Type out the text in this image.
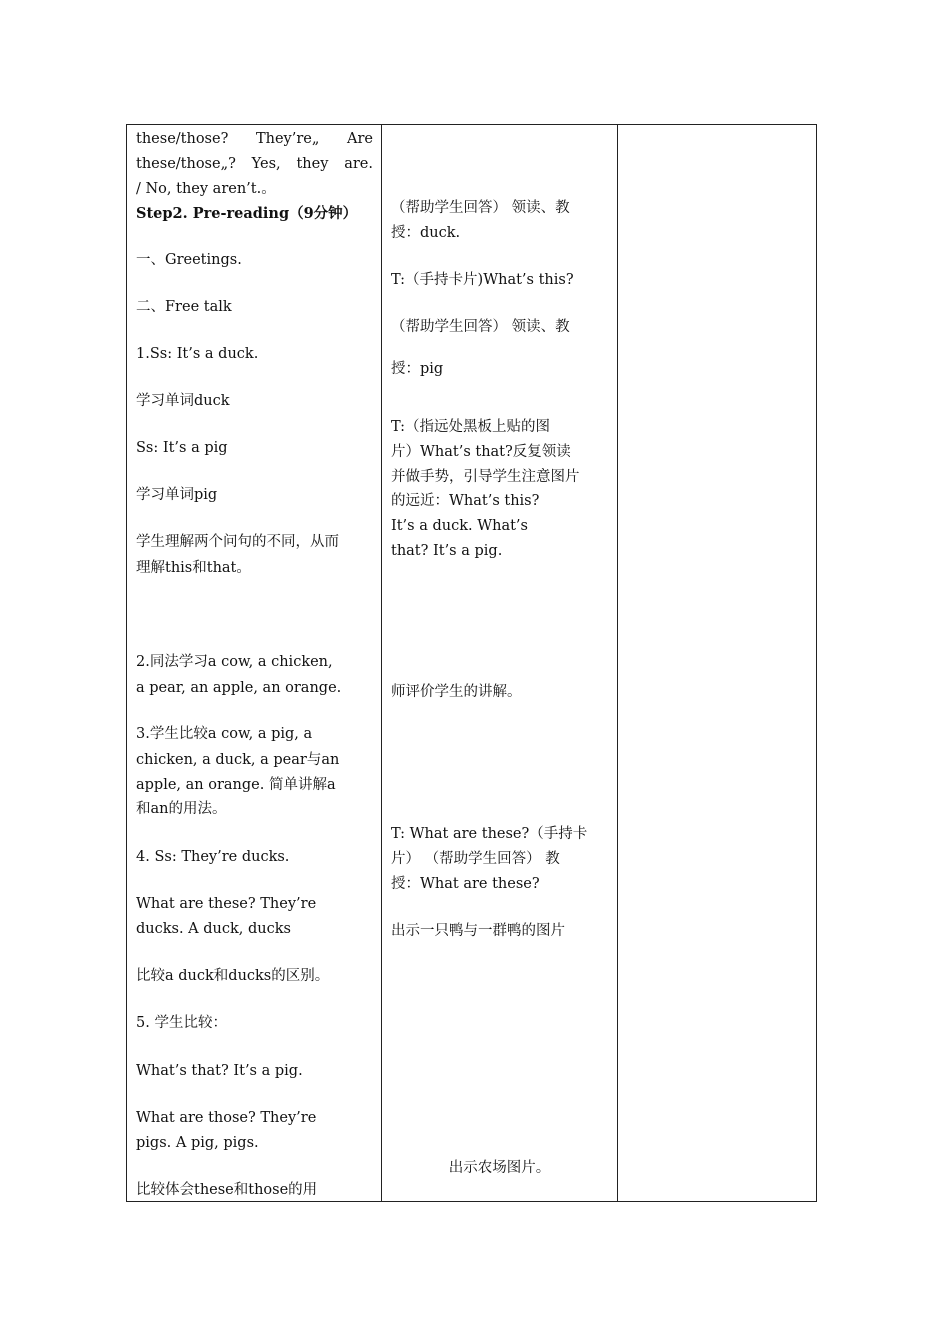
these/those? They’re„ Are
these/those„? Yes, they are.
/ No, they aren’t.。
Step2. Pre-reading（9分钟）
一、Greetings.
二、Free talk
1.Ss: It’s a duck.
学习单词duck
Ss: It’s a pig
学习单词pig
学生理解两个问句的不同，从而
理解this和that。
2.同法学习a cow, a chicken,
a pear, an apple, an orange.
3.学生比较a cow, a pig, a
chicken, a duck, a pear与an
apple, an orange. 简单讲解a
和an的用法。
4. Ss: They’re ducks.
What are these? They’re
ducks. A duck, ducks
比较a duck和ducks的区别。
5. 学生比较：
What’s that? It’s a pig.
What are those? They’re
pigs. A pig, pigs.
比较体会these和those的用

（帮助学生回答） 领读、教
授：duck.
T:（手持卡片)What’s this?
（帮助学生回答） 领读、教
授：pig
T:（指远处黑板上贴的图
片）What’s that?反复领读
并做手势，引导学生注意图片
的远近：What’s this?
It’s a duck. What’s
that? It’s a pig.
师评价学生的讲解。
T: What are these?（手持卡
片） （帮助学生回答） 教
授：What are these?
出示一只鸭与一群鸭的图片
出示农场图片。
